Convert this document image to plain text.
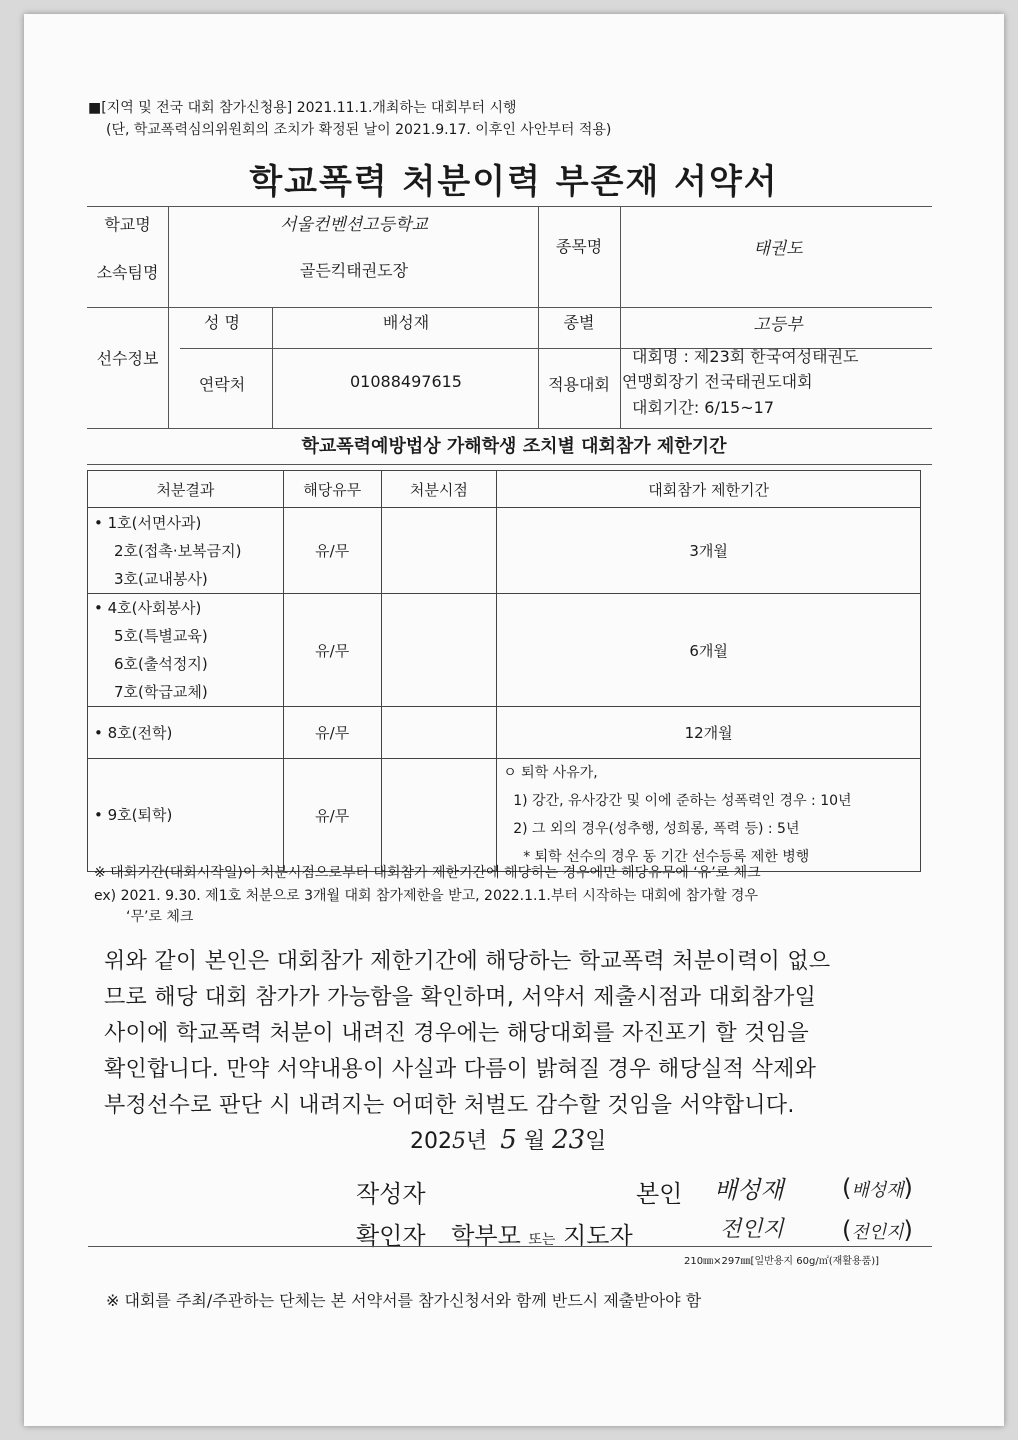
■[지역 및 전국 대회 참가신청용] 2021.11.1.개최하는 대회부터 시행
(단, 학교폭력심의위원회의 조치가 확정된 날이 2021.9.17. 이후인 사안부터 적용)
학교폭력 처분이력 부존재 서약서
학교명	서울컨벤션고등학교
소속팀명	골든킥태권도장
종목명	태권도
선수정보
성 명	배성재	종별	고등부
연락처	01088497615	적용대회
대회명 : 제23회 한국여성태권도
연맹회장기 전국태권도대회
대회기간: 6/15~17
학교폭력예방법상 가해학생 조치별 대회참가 제한기간
처분결과	해당유무	처분시점	대회참가 제한기간

• 1호(서면사과)
2호(접촉·보복금지)
3호(교내봉사)	유/무		3개월

• 4호(사회봉사)
5호(특별교육)
6호(출석정지)
7호(학급교체)	유/무		6개월

• 8호(전학)	유/무		12개월

• 9호(퇴학)	유/무		ㅇ 퇴학 사유가,
1) 강간, 유사강간 및 이에 준하는 성폭력인 경우 : 10년
2) 그 외의 경우(성추행, 성희롱, 폭력 등) : 5년
* 퇴학 선수의 경우 동 기간 선수등록 제한 병행
※ 대회기간(대회시작일)이 처분시점으로부터 대회참가 제한기간에 해당하는 경우에만 해당유무에 ‘유’로 체크
ex) 2021. 9.30. 제1호 처분으로 3개월 대회 참가제한을 받고, 2022.1.1.부터 시작하는 대회에 참가할 경우
‘무’로 체크
위와 같이 본인은 대회참가 제한기간에 해당하는 학교폭력 처분이력이 없으
므로 해당 대회 참가가 가능함을 확인하며, 서약서 제출시점과 대회참가일
사이에 학교폭력 처분이 내려진 경우에는 해당대회를 자진포기 할 것임을
확인합니다. 만약 서약내용이 사실과 다름이 밝혀질 경우 해당실적 삭제와
부정선수로 판단 시 내려지는 어떠한 처벌도 감수할 것임을 서약합니다.
2025년 5 월 23일
작성자	본인 배성재 (배성재)
확인자 학부모 또는 지도자	전인지 (전인지)
210㎜×297㎜[일반용지 60g/㎡(재활용품)]
※ 대회를 주최/주관하는 단체는 본 서약서를 참가신청서와 함께 반드시 제출받아야 함
